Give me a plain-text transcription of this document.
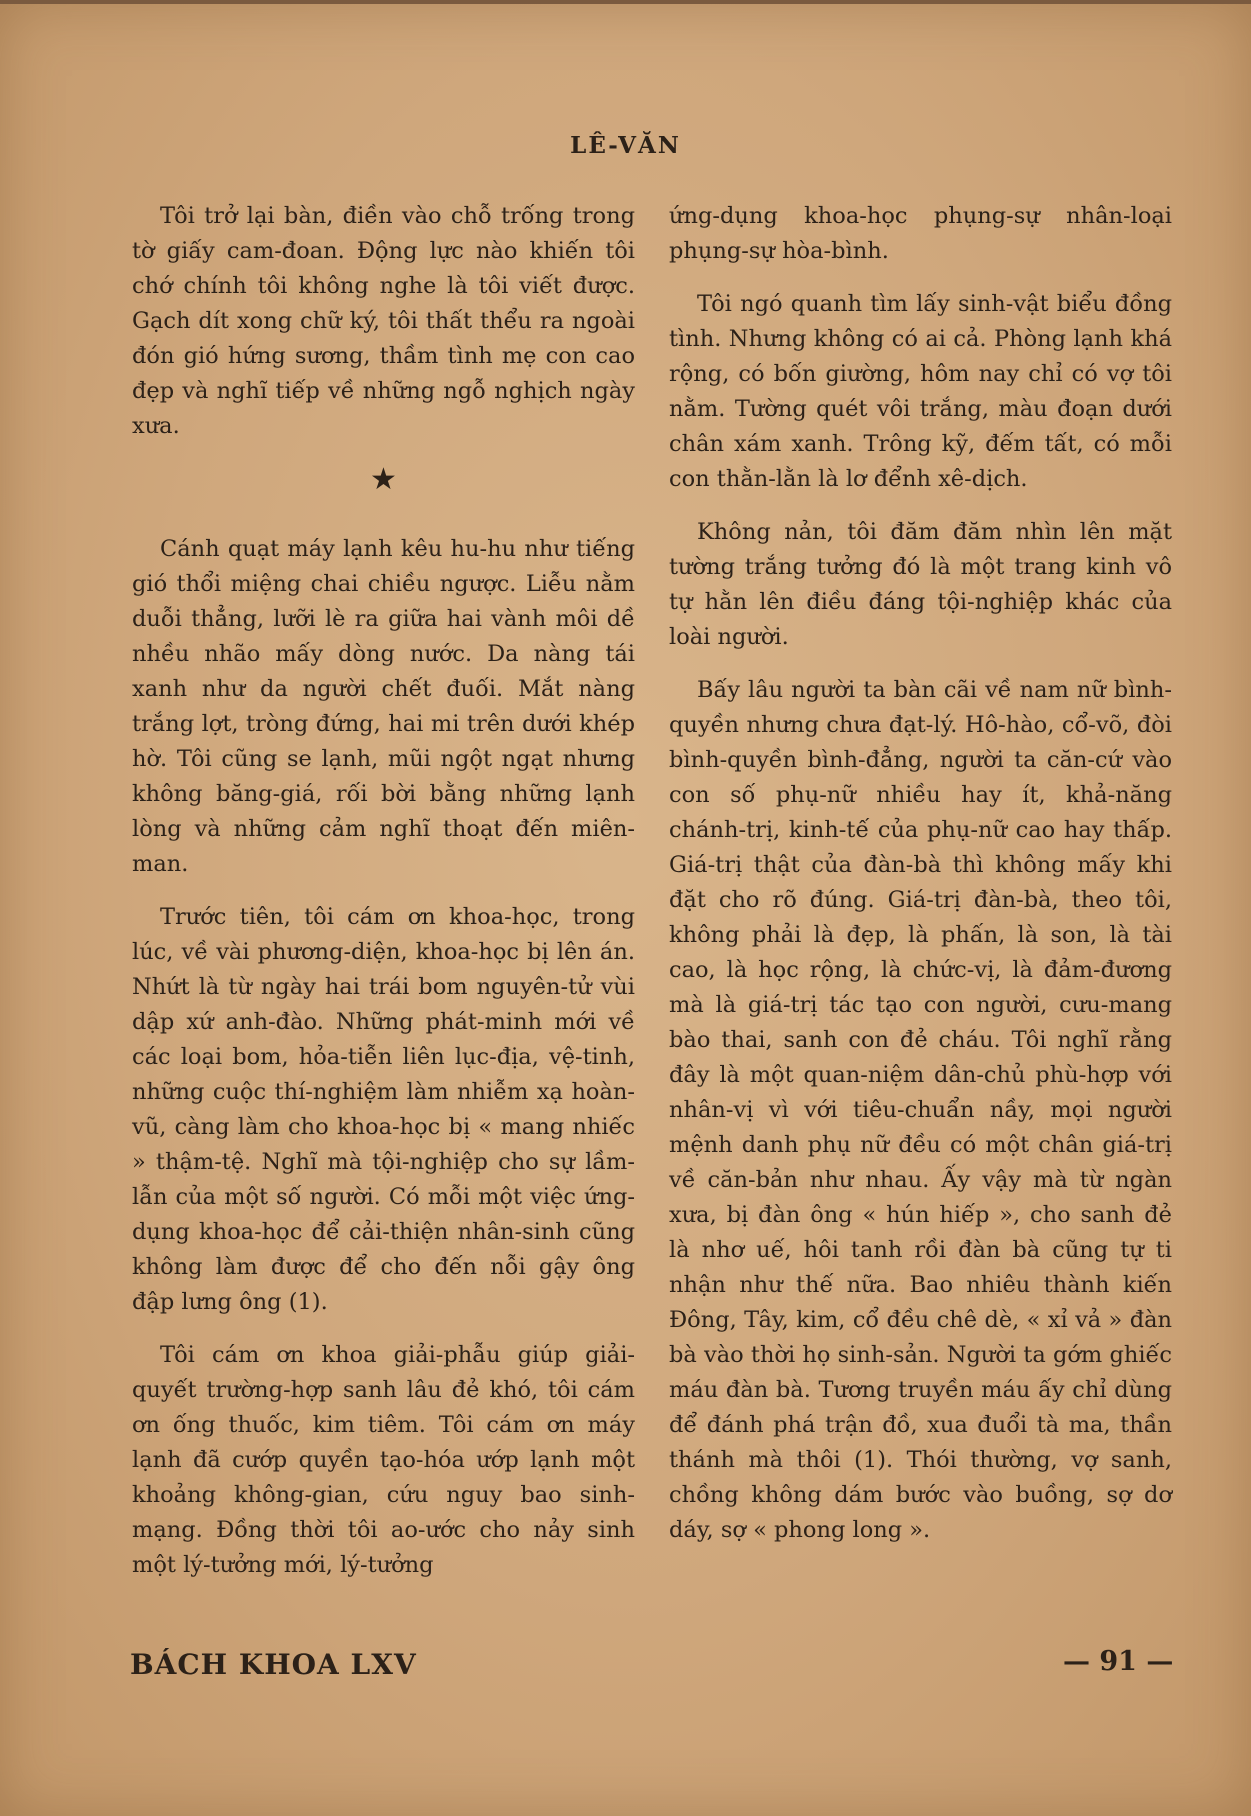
LÊ-VĂN

Tôi trở lại bàn, điền vào chỗ trống trong tờ giấy cam-đoan. Động lực nào khiến tôi chớ chính tôi không nghe là tôi viết được. Gạch dít xong chữ ký, tôi thất thểu ra ngoài đón gió hứng sương, thầm tình mẹ con cao đẹp và nghĩ tiếp về những ngỗ nghịch ngày xưa.

★

Cánh quạt máy lạnh kêu hu-hu như tiếng gió thổi miệng chai chiều ngược. Liễu nằm duỗi thẳng, lưỡi lè ra giữa hai vành môi dề nhều nhão mấy dòng nước. Da nàng tái xanh như da người chết đuối. Mắt nàng trắng lợt, tròng đứng, hai mi trên dưới khép hờ. Tôi cũng se lạnh, mũi ngột ngạt nhưng không băng-giá, rối bời bằng những lạnh lòng và những cảm nghĩ thoạt đến miên-man.

Trước tiên, tôi cám ơn khoa-học, trong lúc, về vài phương-diện, khoa-học bị lên án. Nhứt là từ ngày hai trái bom nguyên-tử vùi dập xứ anh-đào. Những phát-minh mới về các loại bom, hỏa-tiễn liên lục-địa, vệ-tinh, những cuộc thí-nghiệm làm nhiễm xạ hoàn-vũ, càng làm cho khoa-học bị « mang nhiếc » thậm-tệ. Nghĩ mà tội-nghiệp cho sự lầm-lẫn của một số người. Có mỗi một việc ứng-dụng khoa-học để cải-thiện nhân-sinh cũng không làm được để cho đến nỗi gậy ông đập lưng ông (1).

Tôi cám ơn khoa giải-phẫu giúp giải-quyết trường-hợp sanh lâu đẻ khó, tôi cám ơn ống thuốc, kim tiêm. Tôi cám ơn máy lạnh đã cướp quyền tạo-hóa ướp lạnh một khoảng không-gian, cứu nguy bao sinh-mạng. Đồng thời tôi ao-ước cho nảy sinh một lý-tưởng mới, lý-tưởng

ứng-dụng khoa-học phụng-sự nhân-loại phụng-sự hòa-bình.

Tôi ngó quanh tìm lấy sinh-vật biểu đồng tình. Nhưng không có ai cả. Phòng lạnh khá rộng, có bốn giường, hôm nay chỉ có vợ tôi nằm. Tường quét vôi trắng, màu đoạn dưới chân xám xanh. Trông kỹ, đếm tất, có mỗi con thằn-lằn là lơ đểnh xê-dịch.

Không nản, tôi đăm đăm nhìn lên mặt tường trắng tưởng đó là một trang kinh vô tự hằn lên điều đáng tội-nghiệp khác của loài người.

Bấy lâu người ta bàn cãi về nam nữ bình-quyền nhưng chưa đạt-lý. Hô-hào, cổ-võ, đòi bình-quyền bình-đẳng, người ta căn-cứ vào con số phụ-nữ nhiều hay ít, khả-năng chánh-trị, kinh-tế của phụ-nữ cao hay thấp. Giá-trị thật của đàn-bà thì không mấy khi đặt cho rõ đúng. Giá-trị đàn-bà, theo tôi, không phải là đẹp, là phấn, là son, là tài cao, là học rộng, là chức-vị, là đảm-đương mà là giá-trị tác tạo con người, cưu-mang bào thai, sanh con đẻ cháu. Tôi nghĩ rằng đây là một quan-niệm dân-chủ phù-hợp với nhân-vị vì với tiêu-chuẩn nầy, mọi người mệnh danh phụ nữ đều có một chân giá-trị về căn-bản như nhau. Ấy vậy mà từ ngàn xưa, bị đàn ông « hún hiếp », cho sanh đẻ là nhơ uế, hôi tanh rồi đàn bà cũng tự ti nhận như thế nữa. Bao nhiêu thành kiến Đông, Tây, kim, cổ đều chê dè, « xỉ vả » đàn bà vào thời họ sinh-sản. Người ta gớm ghiếc máu đàn bà. Tương truyền máu ấy chỉ dùng để đánh phá trận đồ, xua đuổi tà ma, thần thánh mà thôi (1). Thói thường, vợ sanh, chồng không dám bước vào buồng, sợ dơ dáy, sợ « phong long ».

BÁCH KHOA LXV	— 91 —
